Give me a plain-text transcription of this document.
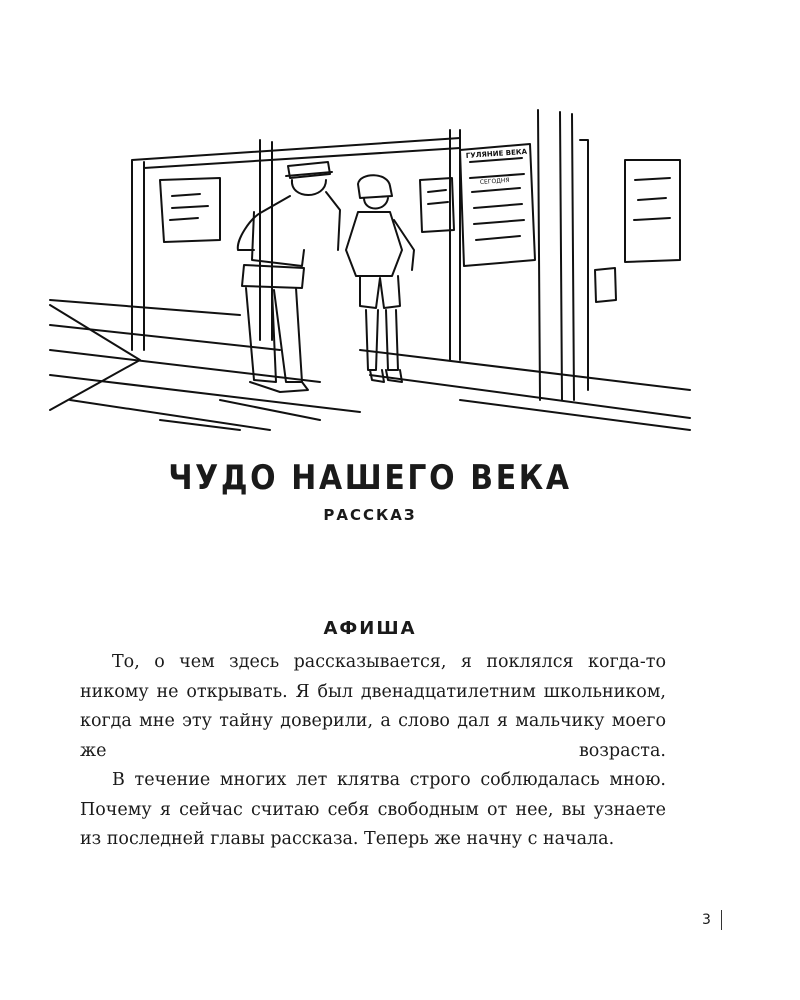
ГУЛЯНИЕ ВЕКА
СЕГОДНЯ
ЧУДО НАШЕГО ВЕКА
РАССКАЗ
АФИША

То, о чем здесь рассказывается, я поклялся когда-то никому не открывать. Я был двенадцатилетним школьником, когда мне эту тайну доверили, а слово дал я мальчику моего же возраста.

В течение многих лет клятва строго соблюдалась мною. Почему я сейчас считаю себя свободным от нее, вы узнаете из последней главы рассказа. Теперь же начну с начала.

3
